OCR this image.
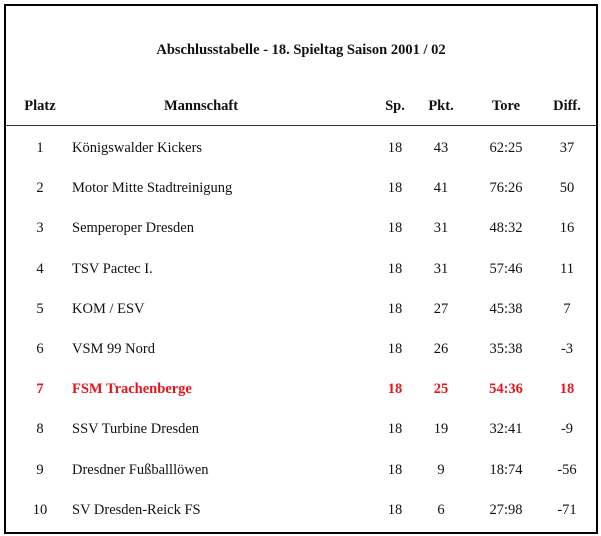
Abschlusstabelle - 18. Spieltag Saison 2001 / 02
Platz	Mannschaft	Sp.	Pkt.	Tore	Diff.
1	Königswalder Kickers	18	43	62:25	37
2	Motor Mitte Stadtreinigung	18	41	76:26	50
3	Semperoper Dresden	18	31	48:32	16
4	TSV Pactec I.	18	31	57:46	11
5	KOM / ESV	18	27	45:38	7
6	VSM 99 Nord	18	26	35:38	-3
7	FSM Trachenberge	18	25	54:36	18
8	SSV Turbine Dresden	18	19	32:41	-9
9	Dresdner Fußballlöwen	18	9	18:74	-56
10	SV Dresden-Reick FS	18	6	27:98	-71
